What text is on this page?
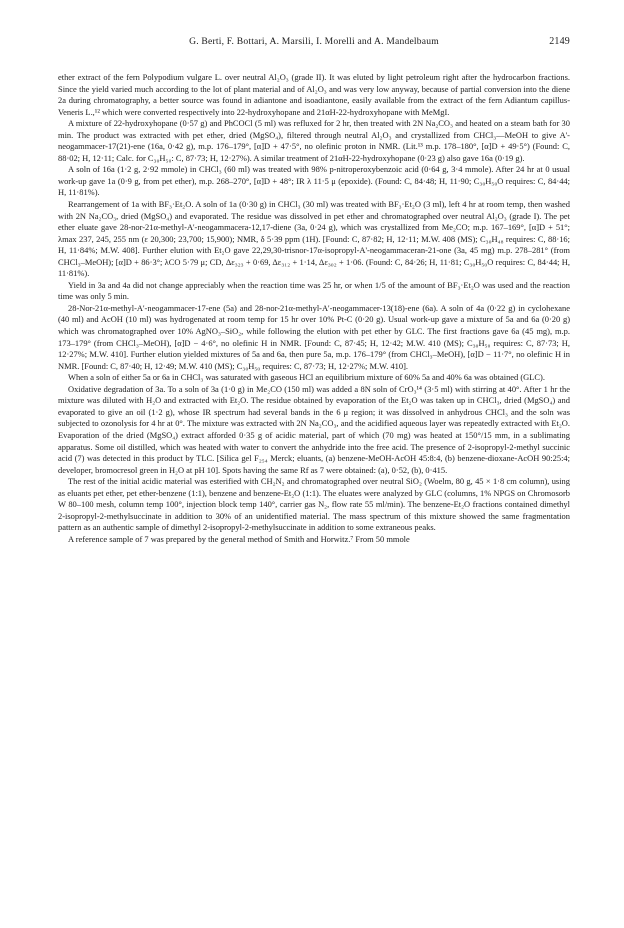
G. Berti, F. Bottari, A. Marsili, I. Morelli and A. Mandelbaum	2149

ether extract of the fern Polypodium vulgare L. over neutral Al₂O₃ (grade II). It was eluted by light petroleum right after the hydrocarbon fractions. Since the yield varied much according to the lot of plant material and of Al₂O₃ and was very low anyway, because of partial conversion into the diene 2a during chromatography, a better source was found in adiantone and isoadiantone, easily available from the extract of the fern Adiantum capillus-Veneris L.,¹² which were converted respectively into 22-hydroxyhopane and 21αH-22-hydroxyhopane with MeMgI.

A mixture of 22-hydroxyhopane (0·57 g) and PhCOCl (5 ml) was refluxed for 2 hr, then treated with 2N Na₂CO₃ and heated on a steam bath for 30 min. The product was extracted with pet ether, dried (MgSO₄), filtered through neutral Al₂O₃ and crystallized from CHCl₃—MeOH to give A'-neogammacer-17(21)-ene (16a, 0·42 g), m.p. 176–179°, [α]D + 47·5°, no olefinic proton in NMR. (Lit.¹³ m.p. 178–180°, [α]D + 49·5°) (Found: C, 88·02; H, 12·11; Calc. for C₃₀H₅₀: C, 87·73; H, 12·27%). A similar treatment of 21αH-22-hydroxyhopane (0·23 g) also gave 16a (0·19 g).

A soln of 16a (1·2 g, 2·92 mmole) in CHCl₃ (60 ml) was treated with 98% p-nitroperoxybenzoic acid (0·64 g, 3·4 mmole). After 24 hr at 0 usual work-up gave 1a (0·9 g, from pet ether), m.p. 268–270°, [α]D + 48°; IR λ 11·5 μ (epoxide). (Found: C, 84·48; H, 11·90; C₃₀H₅₀O requires: C, 84·44; H, 11·81%).

Rearrangement of 1a with BF₃·Et₂O. A soln of 1a (0·30 g) in CHCl₃ (30 ml) was treated with BF₃·Et₂O (3 ml), left 4 hr at room temp, then washed with 2N Na₂CO₃, dried (MgSO₄) and evaporated. The residue was dissolved in pet ether and chromatographed over neutral Al₂O₃ (grade I). The pet ether eluate gave 28-nor-21α-methyl-A'-neogammacera-12,17-diene (3a, 0·24 g), which was crystallized from Me₂CO; m.p. 167–169°, [α]D + 51°; λmax 237, 245, 255 nm (ε 20,300; 23,700; 15,900); NMR, δ 5·39 ppm (1H). [Found: C, 87·82; H, 12·11; M.W. 408 (MS); C₃₀H₄₈ requires: C, 88·16; H, 11·84%; M.W. 408]. Further elution with Et₂O gave 22,29,30-trisnor-17α-isopropyl-A'-neogammaceran-21-one (3a, 45 mg) m.p. 278–281° (from CHCl₃–MeOH); [α]D + 86·3°; λCO 5·79 μ; CD, Δε₃₂₃ + 0·69, Δε₃₁₂ + 1·14, Δε₃₀₂ + 1·06. (Found: C, 84·26; H, 11·81; C₃₀H₅₀O requires: C, 84·44; H, 11·81%).

Yield in 3a and 4a did not change appreciably when the reaction time was 25 hr, or when 1/5 of the amount of BF₃·Et₂O was used and the reaction time was only 5 min.

28-Nor-21α-methyl-A'-neogammacer-17-ene (5a) and 28-nor-21α-methyl-A'-neogammacer-13(18)-ene (6a). A soln of 4a (0·22 g) in cyclohexane (40 ml) and AcOH (10 ml) was hydrogenated at room temp for 15 hr over 10% Pt-C (0·20 g). Usual work-up gave a mixture of 5a and 6a (0·20 g) which was chromatographed over 10% AgNO₃–SiO₂, while following the elution with pet ether by GLC. The first fractions gave 6a (45 mg), m.p. 173–179° (from CHCl₃–MeOH), [α]D − 4·6°, no olefinic H in NMR. [Found: C, 87·45; H, 12·42; M.W. 410 (MS); C₃₀H₅₀ requires: C, 87·73; H, 12·27%; M.W. 410]. Further elution yielded mixtures of 5a and 6a, then pure 5a, m.p. 176–179° (from CHCl₃–MeOH), [α]D − 11·7°, no olefinic H in NMR. [Found: C, 87·40; H, 12·49; M.W. 410 (MS); C₃₀H₅₀ requires: C, 87·73; H, 12·27%; M.W. 410].

When a soln of either 5a or 6a in CHCl₃ was saturated with gaseous HCl an equilibrium mixture of 60% 5a and 40% 6a was obtained (GLC).

Oxidative degradation of 3a. To a soln of 3a (1·0 g) in Me₂CO (150 ml) was added a 8N soln of CrO₃¹⁴ (3·5 ml) with stirring at 40°. After 1 hr the mixture was diluted with H₂O and extracted with Et₂O. The residue obtained by evaporation of the Et₂O was taken up in CHCl₃, dried (MgSO₄) and evaporated to give an oil (1·2 g), whose IR spectrum had several bands in the 6 μ region; it was dissolved in anhydrous CHCl₃ and the soln was subjected to ozonolysis for 4 hr at 0°. The mixture was extracted with 2N Na₂CO₃, and the acidified aqueous layer was repeatedly extracted with Et₂O. Evaporation of the dried (MgSO₄) extract afforded 0·35 g of acidic material, part of which (70 mg) was heated at 150°/15 mm, in a sublimating apparatus. Some oil distilled, which was heated with water to convert the anhydride into the free acid. The presence of 2-isopropyl-2-methyl succinic acid (7) was detected in this product by TLC. [Silica gel F₂₅₄ Merck; eluants, (a) benzene-MeOH-AcOH 45:8:4, (b) benzene-dioxane-AcOH 90:25:4; developer, bromocresol green in H₂O at pH 10]. Spots having the same Rf as 7 were obtained: (a), 0·52, (b), 0·415.

The rest of the initial acidic material was esterified with CH₂N₂ and chromatographed over neutral SiO₂ (Woelm, 80 g, 45 × 1·8 cm column), using as eluants pet ether, pet ether-benzene (1:1), benzene and benzene-Et₂O (1:1). The eluates were analyzed by GLC (columns, 1% NPGS on Chromosorb W 80–100 mesh, column temp 100°, injection block temp 140°, carrier gas N₂, flow rate 55 ml/min). The benzene-Et₂O fractions contained dimethyl 2-isopropyl-2-methylsuccinate in addition to 30% of an unidentified material. The mass spectrum of this mixture showed the same fragmentation pattern as an authentic sample of dimethyl 2-isopropyl-2-methylsuccinate in addition to some extraneous peaks.

A reference sample of 7 was prepared by the general method of Smith and Horwitz.⁷ From 50 mmole
